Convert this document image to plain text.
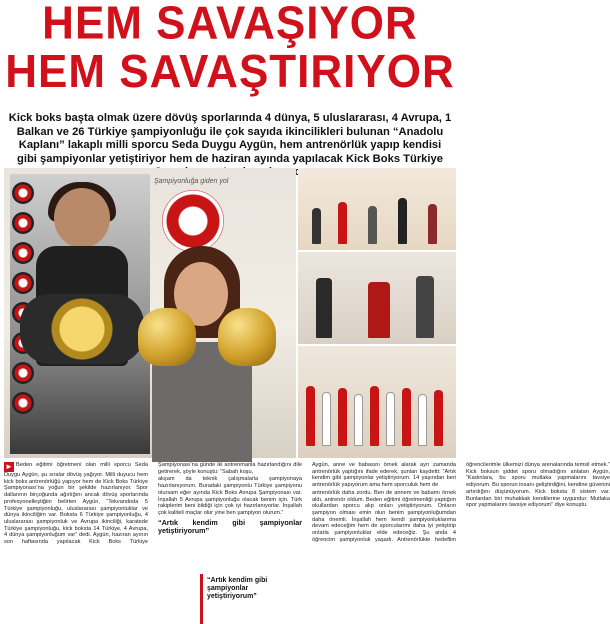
HEM SAVAŞIYOR
HEM SAVAŞTIRIYOR
Kick boks başta olmak üzere dövüş sporlarında 4 dünya, 5 uluslararası, 4 Avrupa, 1 Balkan ve 26 Türkiye şampiyonluğu ile çok sayıda ikincilikleri bulunan “Anadolu Kaplanı” lakaplı milli sporcu Seda Duygu Aygün, hem antrenörlük yapıp kendisi gibi şampiyonlar yetiştiriyor hem de haziran ayında yapılacak Kick Boks Türkiye
Şampiyonluğa giden yol
“Artık kendim gibi şampiyonlar yetiştiriyorum”

► Beden eğitimi öğretmeni olan milli sporcu Seda Duygu Aygün, şu sıralar dövüş yağıyor. Milli duyucu hem kick boks antrenörlüğü yapıyor hem de Kick Boks Türkiye Şampiyonası’na yoğun bir şekilde hazırlanıyor. Spor dallarının birçoğunda ağırlığını ancak dövüş sporlarında profesyonelleştiğini belirten Aygün, “Tekvandoda 5 Türkiye şampiyonluğu, uluslararası şampiyonluklar ve dünya ikinciliğim var. Boksta 6 Türkiye şampiyonluğu, 4 uluslararası şampiyonluk ve Avrupa ikinciliği, karatede Türkiye şampiyonluğu, kick boksta 14 Türkiye, 4 Avrupa, 4 dünya şampiyonluğum var” dedi. Aygün, hazıran ayının son haftasında yapılacak Kick Boks Türkiye Şampiyonası’na günde iki antrenmanla hazırlandığını dile getirerek, şöyle konuştu: “Sabah koşu,

akşam da teknik çalışmalarla şampiyonaya hazırlanıyorum. Buradaki şampiyonlu Türkiye şampiyonu olursam eğer ayında Kick Boks Avrupa Şampiyonası var. İnşallah 5 Avrupa şampiyonluğu olacak benim için. Türk rakiplerim beni bildiği için çok iyi hazırlanıyorlar. İnşallah çok kaliteli maçlar olur yine ben şampiyon olurum.”

“Artık kendim gibi şampiyonlar yetiştiriyorum”

Aygün, anne ve babasını örnek alarak ayrı zamanda antrenörlük yaptığını ifade ederek, şunları kaydetti: “Artık kendim gibi şampiyonlar yetiştiriyorum. 14 yaşından beri antrenörlük yapıyorum ama hem sporculuk hem de

antrenörlük daha zordu. Ben de annem ve babamı örnek aldı, antrenör oldum. Beden eğitimi öğretmenliği yaptığım okullardan sporcu alıp onları yetiştiriyorum. Onların şampiyon olması emin olun benim şampiyonluğumdan daha önemli. İnşallah hem kendi şampiyonluklarıma devam edeceğim hem de sporcularımı daha iyi yetiştirip onlarla şampiyonluklar elde edeceğiz. Şu anda 4 öğrencim şampiyonluk yaşadı. Antrenörlükte hedeflim öğrencilerimle ülkemizi dünya arenalarında temsil etmek.” Kick boksun şiddet sporu olmadığını anlatan Aygün, “Kadınlara, bu sporu mutlaka yapmalarını tavsiye ediyorum. Bu sporun insanı geliştirdiğini, kendine güvenini artırdığını düşünüyorum. Kick boksta 8 sistem var. Bunlardan biri muhakkak kendilerine uygundur. Mutlaka spor yapmalarını tavsiye ediyorum” diye konuştu.
